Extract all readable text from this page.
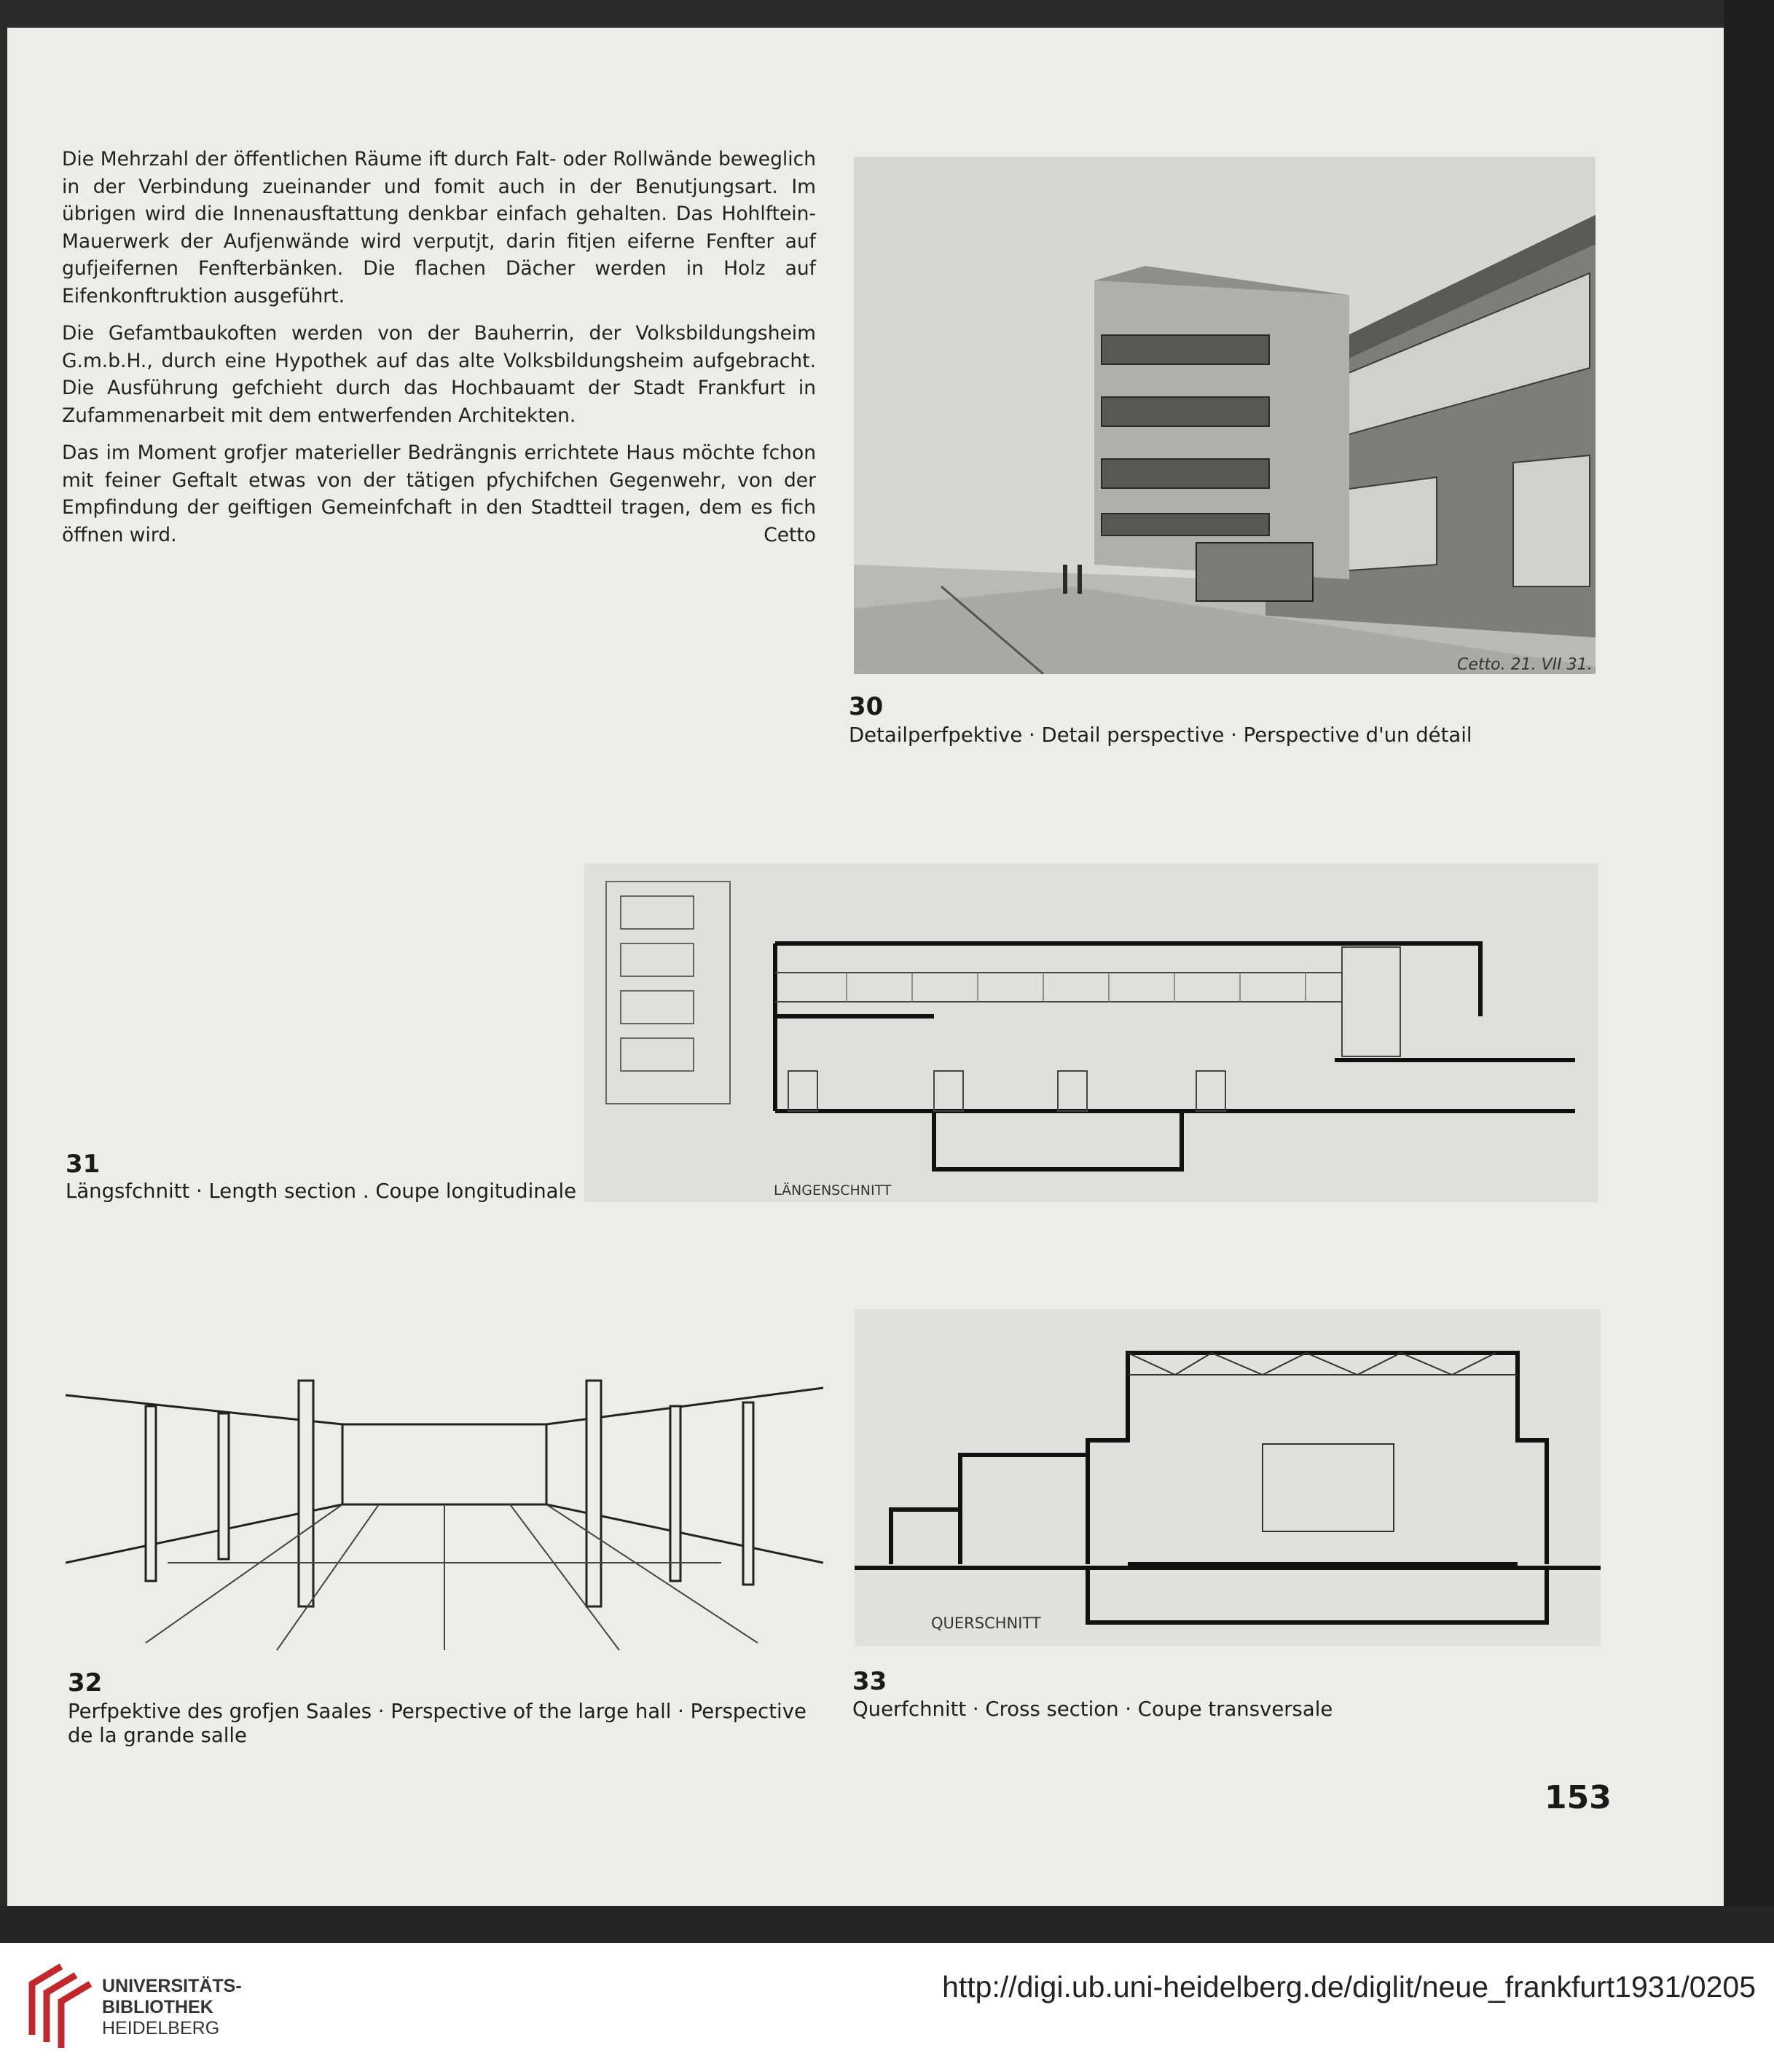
Die Mehrzahl der öffentlichen Räume ift durch Falt- oder Rollwände beweglich in der Verbindung zueinander und fomit auch in der Benutjungsart. Im übrigen wird die Innenausftattung denkbar einfach gehalten. Das Hohlftein-Mauerwerk der Aufjenwände wird verputjt, darin fitjen eiferne Fenfter auf gufjeifernen Fenfterbänken. Die flachen Dächer werden in Holz auf Eifenkonftruktion ausgeführt.

Die Gefamtbaukoften werden von der Bauherrin, der Volksbildungsheim G.m.b.H., durch eine Hypothek auf das alte Volksbildungsheim aufgebracht. Die Ausführung gefchieht durch das Hochbauamt der Stadt Frankfurt in Zufammenarbeit mit dem entwerfenden Architekten.

Das im Moment grofjer materieller Bedrängnis errichtete Haus möchte fchon mit feiner Geftalt etwas von der tätigen pfychifchen Gegenwehr, von der Empfindung der geiftigen Gemeinfchaft in den Stadtteil tragen, dem es fich öffnen wird.	Cetto

Cetto. 21. VII 31.
30
Detailperfpektive · Detail perspective · Perspective d'un détail
LÄNGENSCHNITT
31
Längsfchnitt · Length section . Coupe longitudinale
32
Perfpektive des grofjen Saales · Perspective of the large hall · Perspective de la grande salle
QUERSCHNITT
33
Querfchnitt · Cross section · Coupe transversale
153
UNIVERSITÄTS-
BIBLIOTHEK
HEIDELBERG
http://digi.ub.uni-heidelberg.de/diglit/neue_frankfurt1931/0205
